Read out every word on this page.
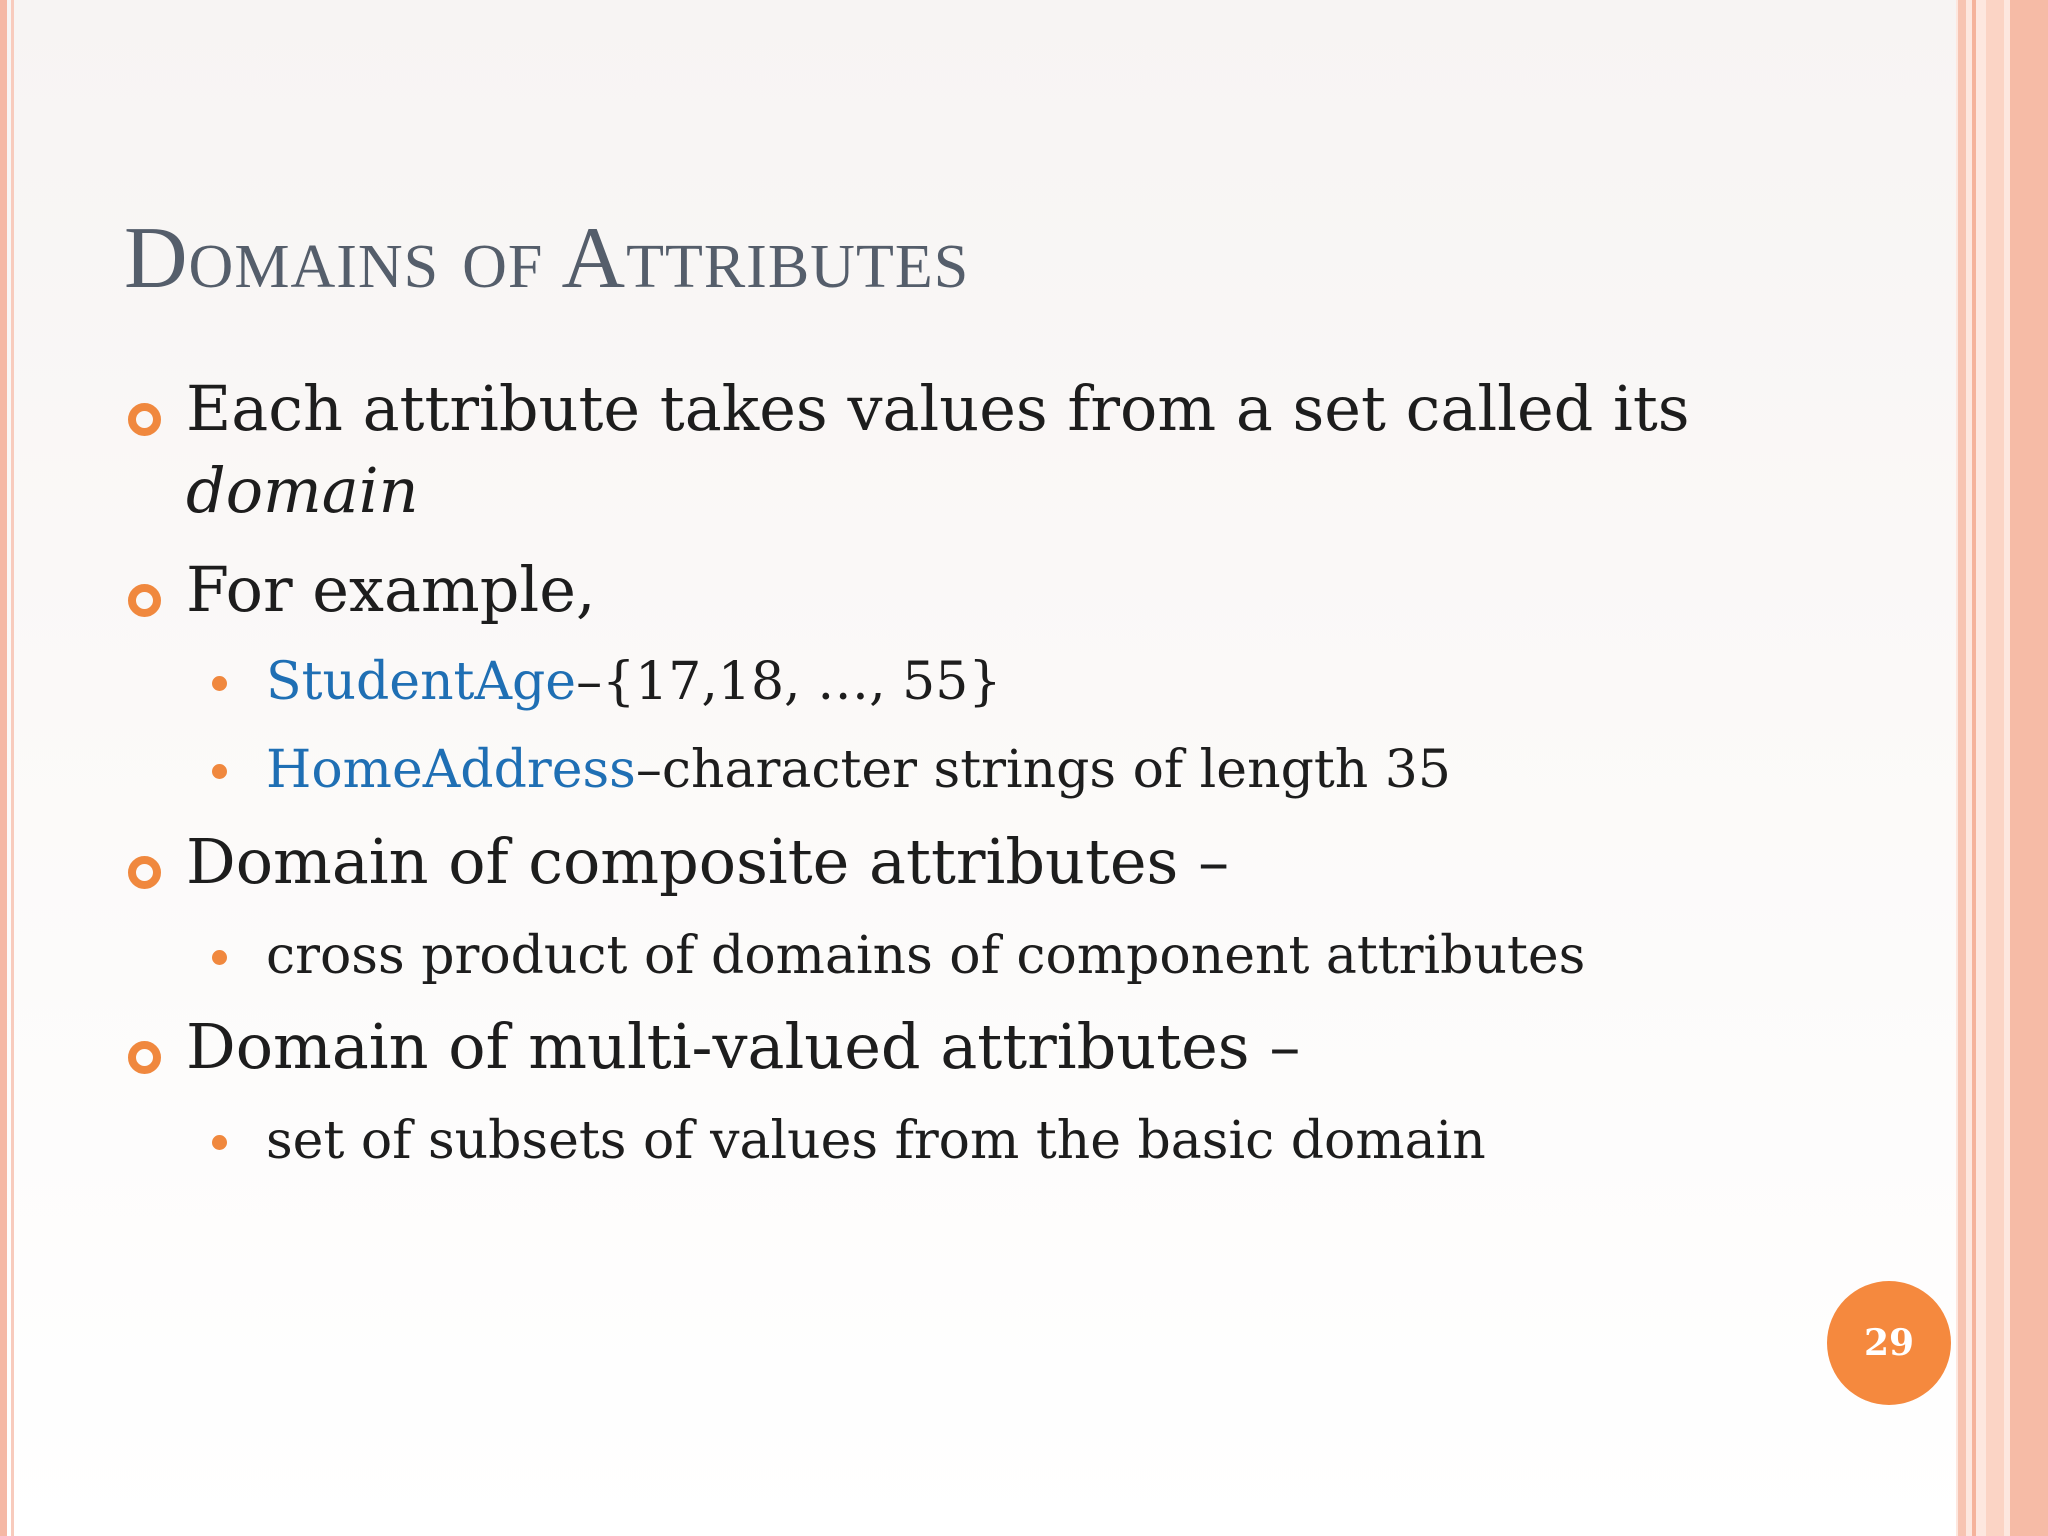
Domains of Attributes
Each attribute takes values from a set called its
domain
For example,
StudentAge–{17,18, …, 55}
HomeAddress–character strings of length 35
Domain of composite attributes –
cross product of domains of component attributes
Domain of multi-valued attributes –
set of subsets of values from the basic domain
29
